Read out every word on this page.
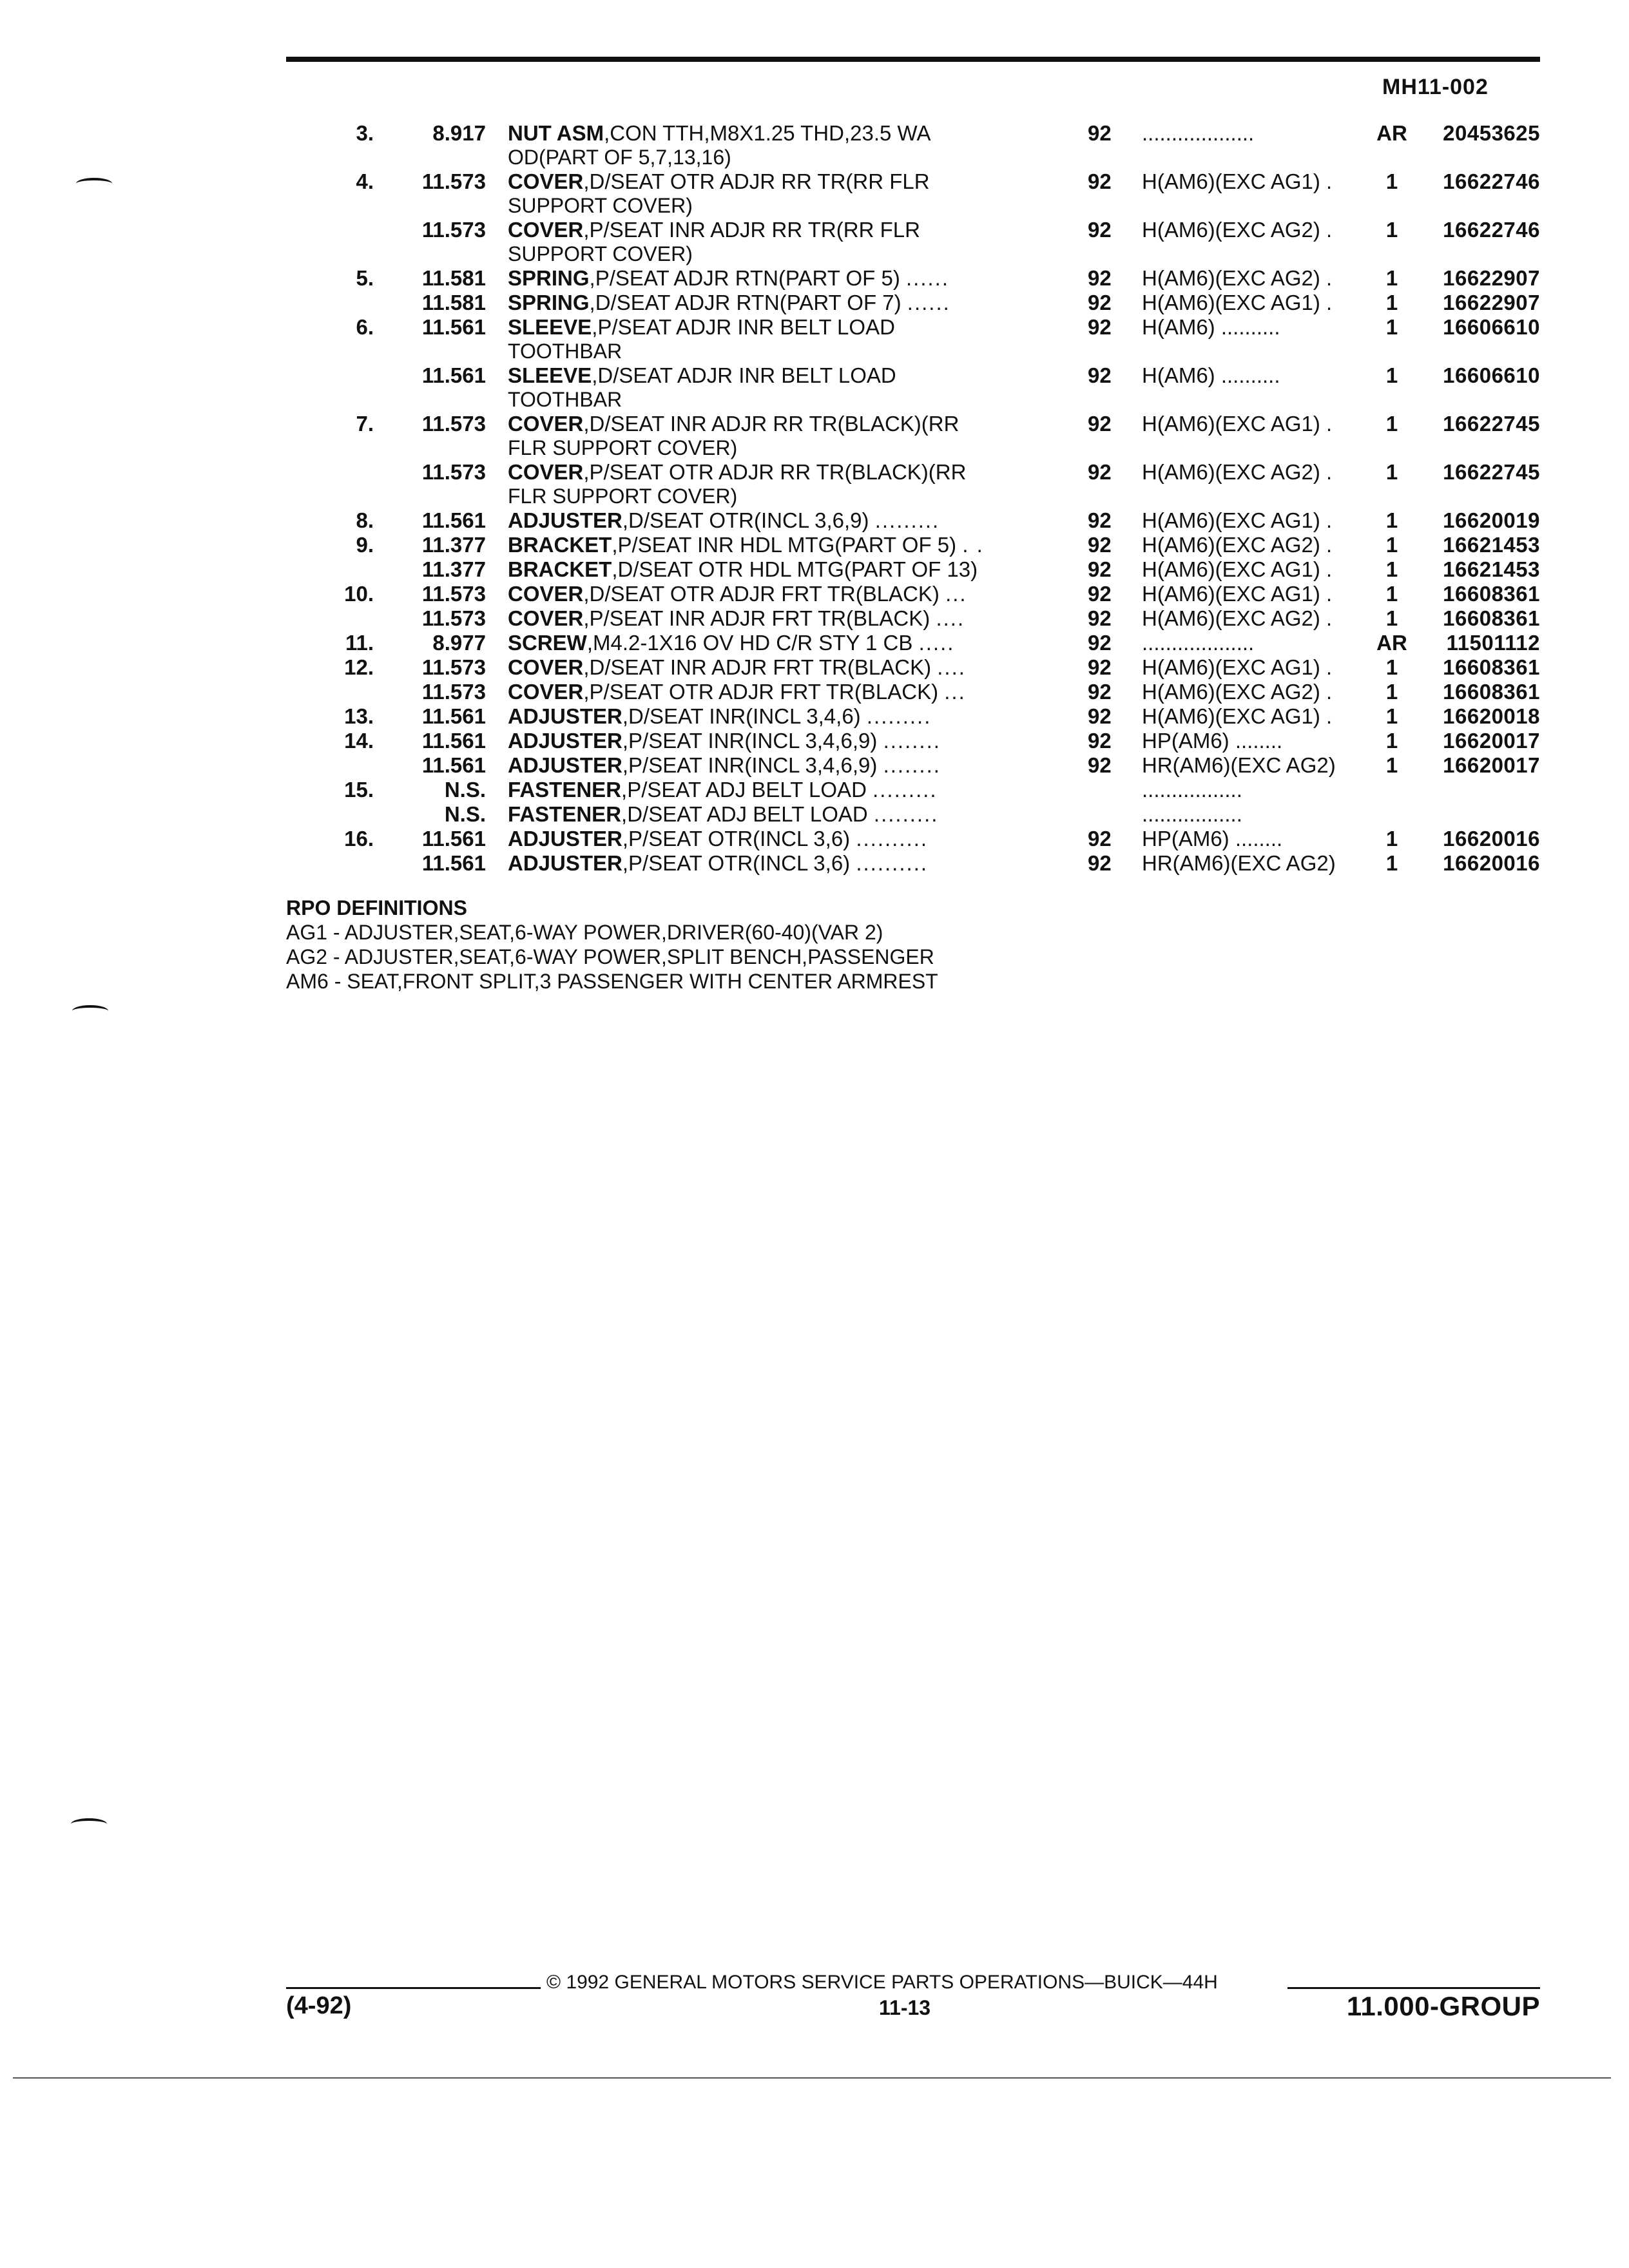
MH11-002
3.	8.917 NUT ASM,CON TTH,M8X1.25 THD,23.5 WA	92	...................	AR	20453625
OD(PART OF 5,7,13,16)
4.	11.573 COVER,D/SEAT OTR ADJR RR TR(RR FLR	92	H(AM6)(EXC AG1) .	1	16622746
SUPPORT COVER)
11.573 COVER,P/SEAT INR ADJR RR TR(RR FLR	92	H(AM6)(EXC AG2) .	1	16622746
SUPPORT COVER)
5.	11.581 SPRING,P/SEAT ADJR RTN(PART OF 5) ......	92	H(AM6)(EXC AG2) .	1	16622907
11.581 SPRING,D/SEAT ADJR RTN(PART OF 7) ......	92	H(AM6)(EXC AG1) .	1	16622907
6.	11.561 SLEEVE,P/SEAT ADJR INR BELT LOAD	92	H(AM6) ..........	1	16606610
TOOTHBAR
11.561 SLEEVE,D/SEAT ADJR INR BELT LOAD	92	H(AM6) ..........	1	16606610
TOOTHBAR
7.	11.573 COVER,D/SEAT INR ADJR RR TR(BLACK)(RR	92	H(AM6)(EXC AG1) .	1	16622745
FLR SUPPORT COVER)
11.573 COVER,P/SEAT OTR ADJR RR TR(BLACK)(RR	92	H(AM6)(EXC AG2) .	1	16622745
FLR SUPPORT COVER)
8.	11.561 ADJUSTER,D/SEAT OTR(INCL 3,6,9) .........	92	H(AM6)(EXC AG1) .	1	16620019
9.	11.377 BRACKET,P/SEAT INR HDL MTG(PART OF 5) . .	92	H(AM6)(EXC AG2) .	1	16621453
11.377 BRACKET,D/SEAT OTR HDL MTG(PART OF 13)	92	H(AM6)(EXC AG1) .	1	16621453
10.	11.573 COVER,D/SEAT OTR ADJR FRT TR(BLACK) ...	92	H(AM6)(EXC AG1) .	1	16608361
11.573 COVER,P/SEAT INR ADJR FRT TR(BLACK) ....	92	H(AM6)(EXC AG2) .	1	16608361
11.	8.977 SCREW,M4.2-1X16 OV HD C/R STY 1 CB .....	92	...................	AR	11501112
12.	11.573 COVER,D/SEAT INR ADJR FRT TR(BLACK) ....	92	H(AM6)(EXC AG1) .	1	16608361
11.573 COVER,P/SEAT OTR ADJR FRT TR(BLACK) ...	92	H(AM6)(EXC AG2) .	1	16608361
13.	11.561 ADJUSTER,D/SEAT INR(INCL 3,4,6) .........	92	H(AM6)(EXC AG1) .	1	16620018
14.	11.561 ADJUSTER,P/SEAT INR(INCL 3,4,6,9) ........	92	HP(AM6) ........	1	16620017
11.561 ADJUSTER,P/SEAT INR(INCL 3,4,6,9) ........	92	HR(AM6)(EXC AG2)	1	16620017
15.	N.S. FASTENER,P/SEAT ADJ BELT LOAD .........	.................
N.S. FASTENER,D/SEAT ADJ BELT LOAD .........	.................
16.	11.561 ADJUSTER,P/SEAT OTR(INCL 3,6) ..........	92	HP(AM6) ........	1	16620016
11.561 ADJUSTER,P/SEAT OTR(INCL 3,6) ..........	92	HR(AM6)(EXC AG2)	1	16620016
RPO DEFINITIONS
AG1 - ADJUSTER,SEAT,6-WAY POWER,DRIVER(60-40)(VAR 2)
AG2 - ADJUSTER,SEAT,6-WAY POWER,SPLIT BENCH,PASSENGER
AM6 - SEAT,FRONT SPLIT,3 PASSENGER WITH CENTER ARMREST
© 1992 GENERAL MOTORS SERVICE PARTS OPERATIONS—BUICK—44H
(4-92)	11-13	11.000-GROUP
